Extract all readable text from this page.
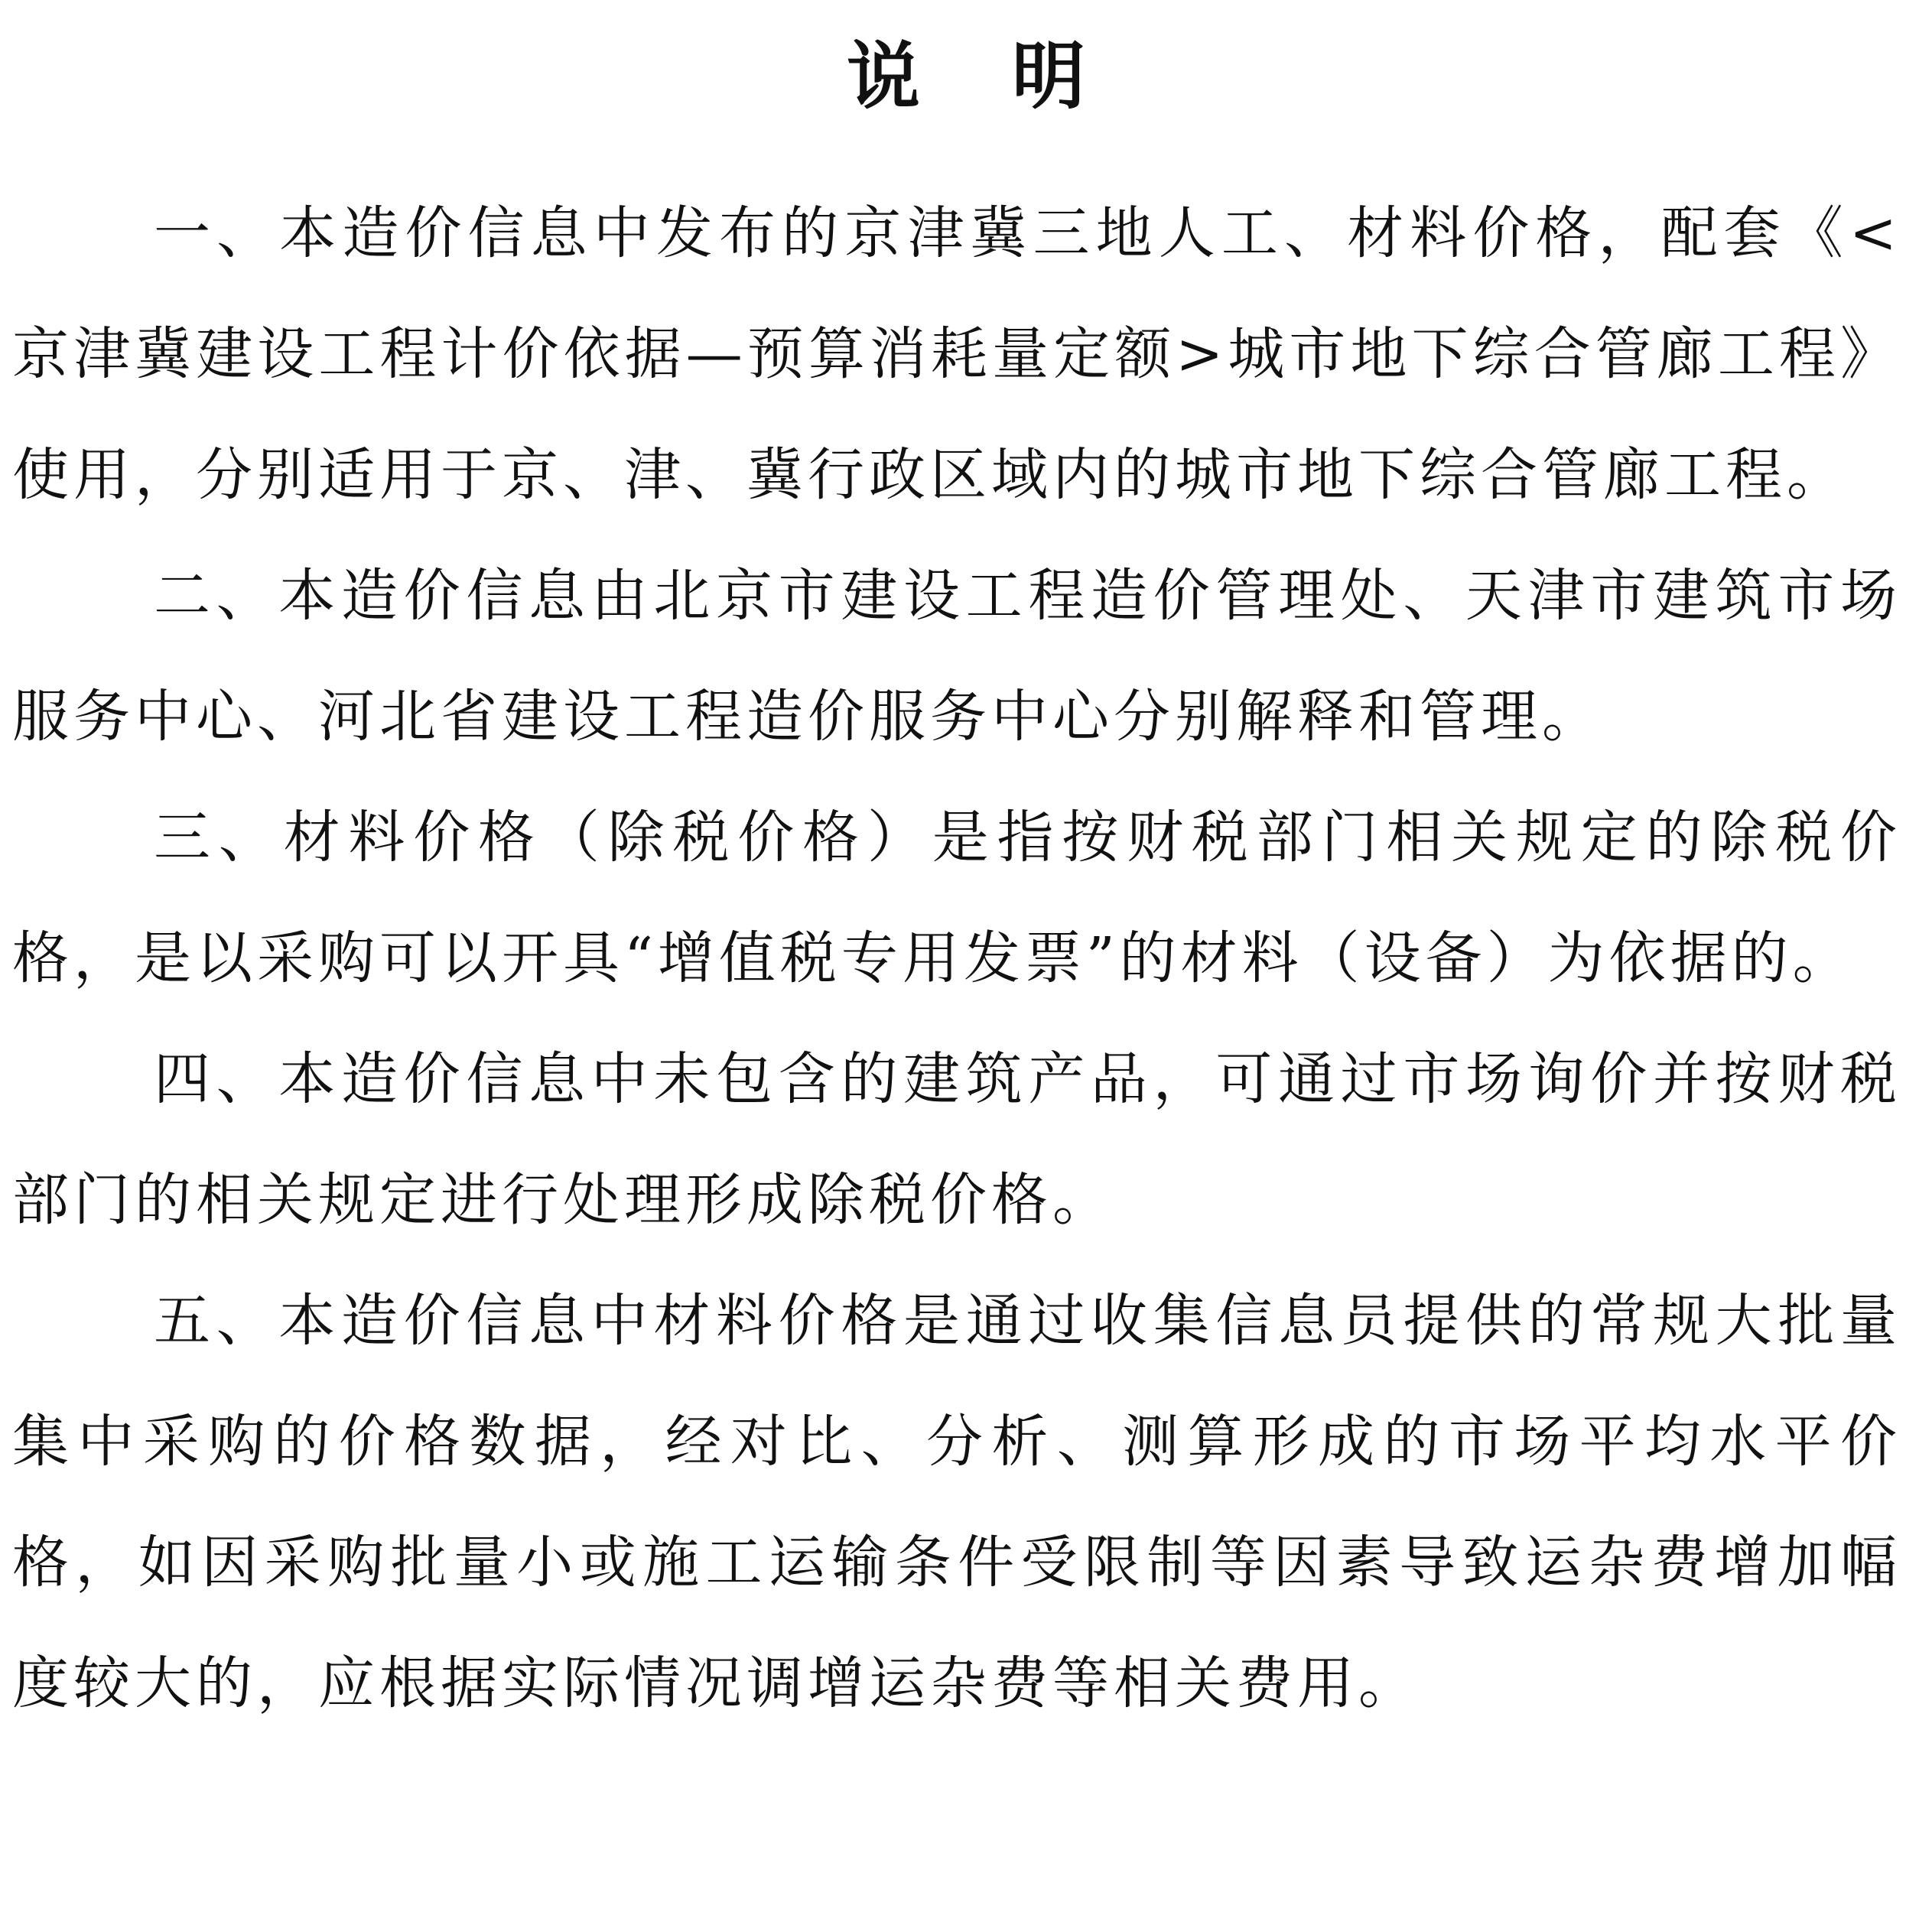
说明

一、本造价信息中发布的京津冀三地人工、材料价格，配套《<京津冀建设工程计价依据—预算消耗量定额>城市地下综合管廊工程》使用，分别适用于京、津、冀行政区域内的城市地下综合管廊工程。

二、本造价信息由北京市建设工程造价管理处、天津市建筑市场服务中心、河北省建设工程造价服务中心分别解释和管理。

三、材料价格（除税价格）是指按财税部门相关规定的除税价格，是以采购可以开具“增值税专用发票”的材料（设备）为依据的。

四、本造价信息中未包含的建筑产品，可通过市场询价并按财税部门的相关规定进行处理形成除税价格。

五、本造价信息中材料价格是通过收集信息员提供的常规大批量集中采购的价格数据，经对比、分析、测算形成的市场平均水平价格，如因采购批量小或施工运输条件受限制等因素导致运杂费增加幅度较大的，应根据实际情况调增运杂费等相关费用。
